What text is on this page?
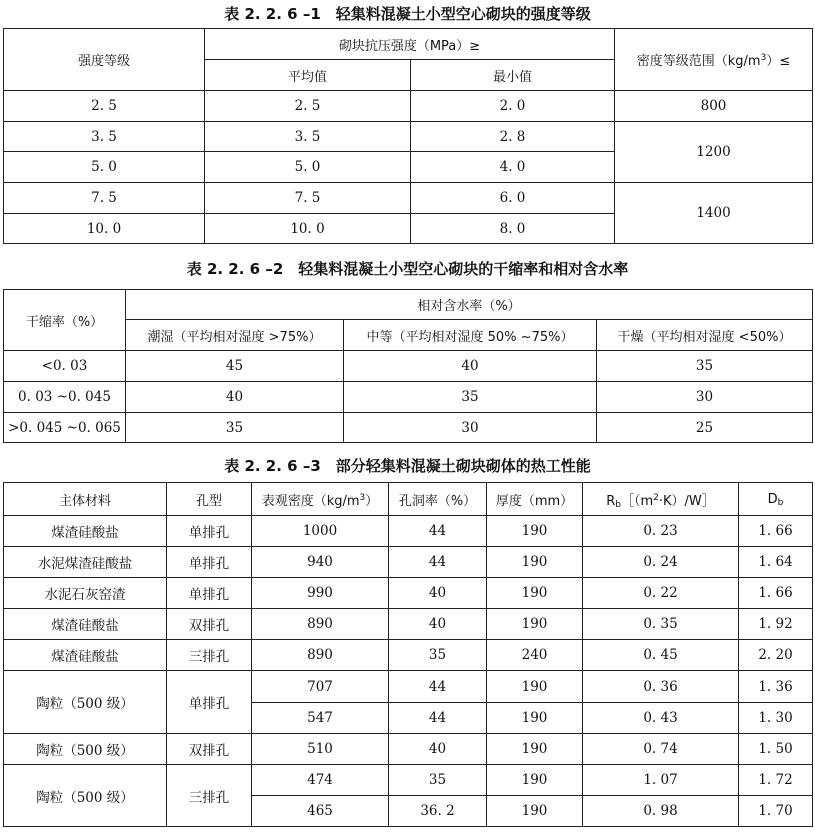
表 2. 2. 6 –1　轻集料混凝土小型空心砌块的强度等级
强度等级	砌块抗压强度（MPa）≥		密度等级范围$(kg/m^3)\le$
	平均值	最小值	
2. 5	2. 5	2. 0	800
3. 5	3. 5	2. 8	1200
5. 0	5. 0	4. 0	
7. 5	7. 5	6. 0	1400
10. 0	10. 0	8. 0	
表 2. 2. 6 –2　轻集料混凝土小型空心砌块的干缩率和相对含水率
干缩率（%）	相对含水率（%）		
	潮湿（平均相对湿度 >75%）	中等（平均相对湿度 50% ~75%）	干燥（平均相对湿度 <50%）
<0. 03	45	40	35
0. 03 ~0. 045	40	35	30
>0. 045 ~0. 065	35	30	25
表 2. 2. 6 –3　部分轻集料混凝土砌块砌体的热工性能
主体材料	孔型	表观密度$(kg/m^3)$	孔洞率（%）	厚度（mm）	$R_b[(m^2\cdot K)/W]$	$D_b$
煤渣硅酸盐	单排孔	1000	44	190	0. 23	1. 66
水泥煤渣硅酸盐	单排孔	940	44	190	0. 24	1. 64
水泥石灰窑渣	单排孔	990	40	190	0. 22	1. 66
煤渣硅酸盐	双排孔	890	40	190	0. 35	1. 92
煤渣硅酸盐	三排孔	890	35	240	0. 45	2. 20
陶粒（500 级）	单排孔	707	44	190	0. 36	1. 36
		547	44	190	0. 43	1. 30
陶粒（500 级）	双排孔	510	40	190	0. 74	1. 50
陶粒（500 级）	三排孔	474	35	190	1. 07	1. 72
		465	36. 2	190	0. 98	1. 70
